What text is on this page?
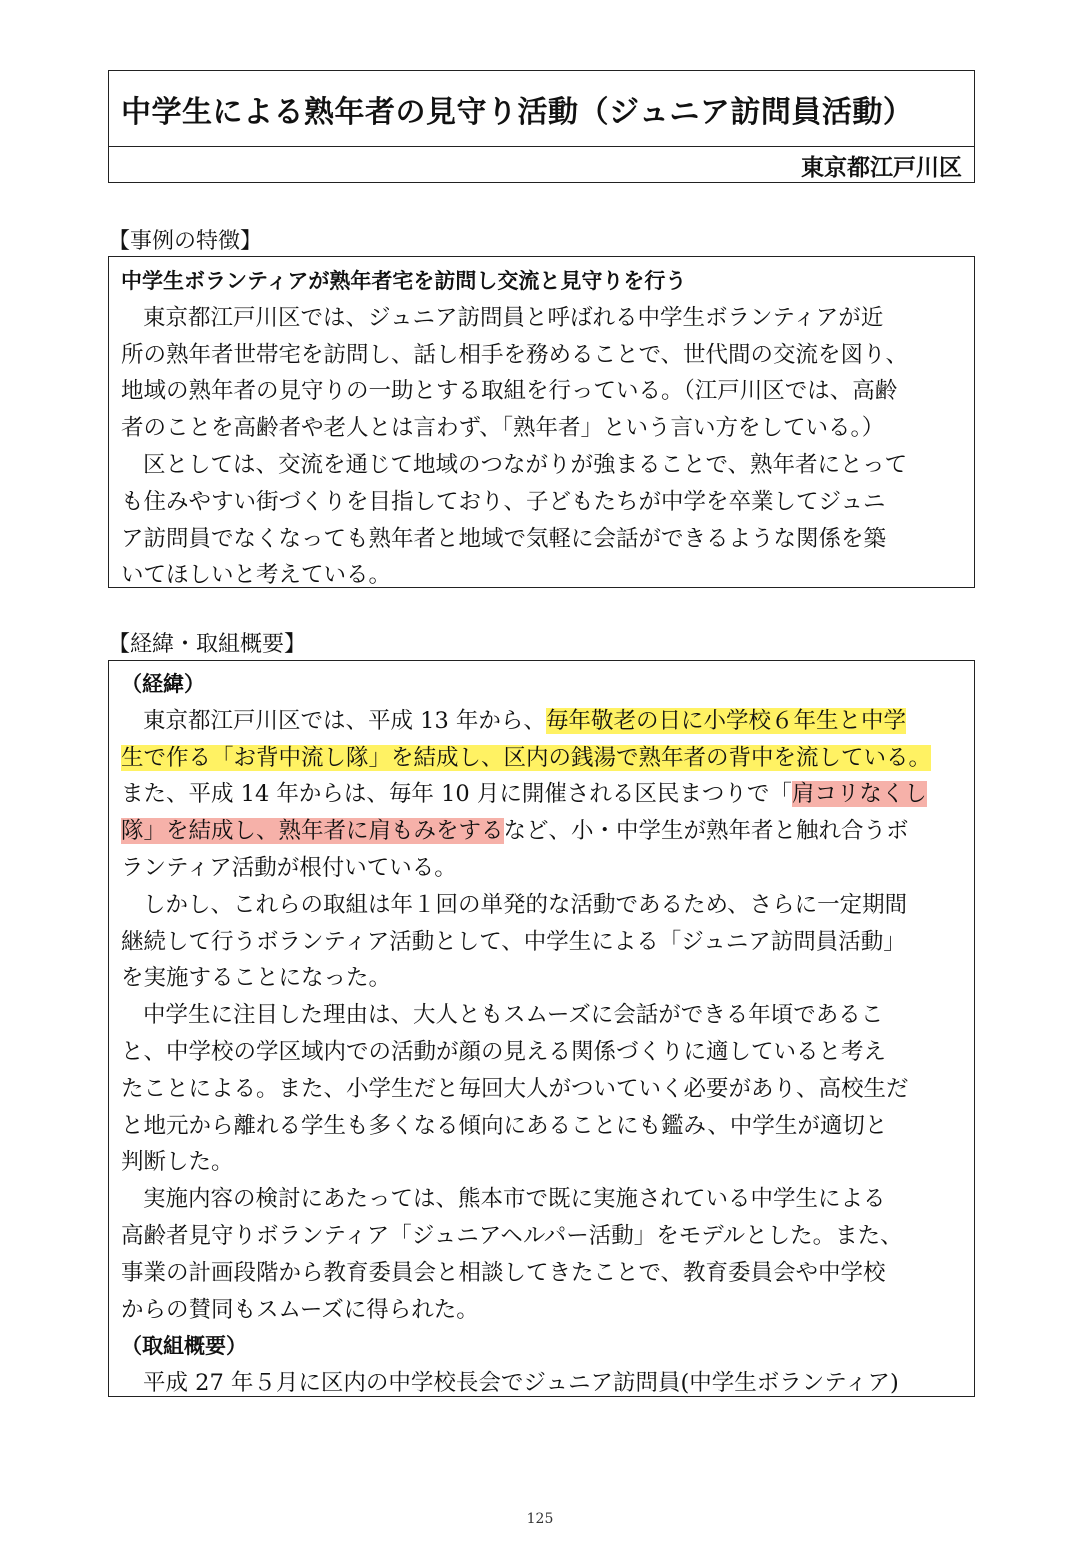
中学生による熟年者の見守り活動（ジュニア訪問員活動）
東京都江戸川区
【事例の特徴】
中学生ボランティアが熟年者宅を訪問し交流と見守りを行う
東京都江戸川区では、ジュニア訪問員と呼ばれる中学生ボランティアが近
所の熟年者世帯宅を訪問し、話し相手を務めることで、世代間の交流を図り、
地域の熟年者の見守りの一助とする取組を行っている。（江戸川区では、高齢
者のことを高齢者や老人とは言わず、「熟年者」という言い方をしている。）
区としては、交流を通じて地域のつながりが強まることで、熟年者にとって
も住みやすい街づくりを目指しており、子どもたちが中学を卒業してジュニ
ア訪問員でなくなっても熟年者と地域で気軽に会話ができるような関係を築
いてほしいと考えている。
【経緯・取組概要】
（経緯）
東京都江戸川区では、平成 13 年から、毎年敬老の日に小学校６年生と中学
生で作る「お背中流し隊」を結成し、区内の銭湯で熟年者の背中を流している。
また、平成 14 年からは、毎年 10 月に開催される区民まつりで「肩コリなくし
隊」を結成し、熟年者に肩もみをするなど、小・中学生が熟年者と触れ合うボ
ランティア活動が根付いている。
しかし、これらの取組は年１回の単発的な活動であるため、さらに一定期間
継続して行うボランティア活動として、中学生による「ジュニア訪問員活動」
を実施することになった。
中学生に注目した理由は、大人ともスムーズに会話ができる年頃であるこ
と、中学校の学区域内での活動が顔の見える関係づくりに適していると考え
たことによる。また、小学生だと毎回大人がついていく必要があり、高校生だ
と地元から離れる学生も多くなる傾向にあることにも鑑み、中学生が適切と
判断した。
実施内容の検討にあたっては、熊本市で既に実施されている中学生による
高齢者見守りボランティア「ジュニアヘルパー活動」をモデルとした。また、
事業の計画段階から教育委員会と相談してきたことで、教育委員会や中学校
からの賛同もスムーズに得られた。
（取組概要）
平成 27 年５月に区内の中学校長会でジュニア訪問員(中学生ボランティア)
125
